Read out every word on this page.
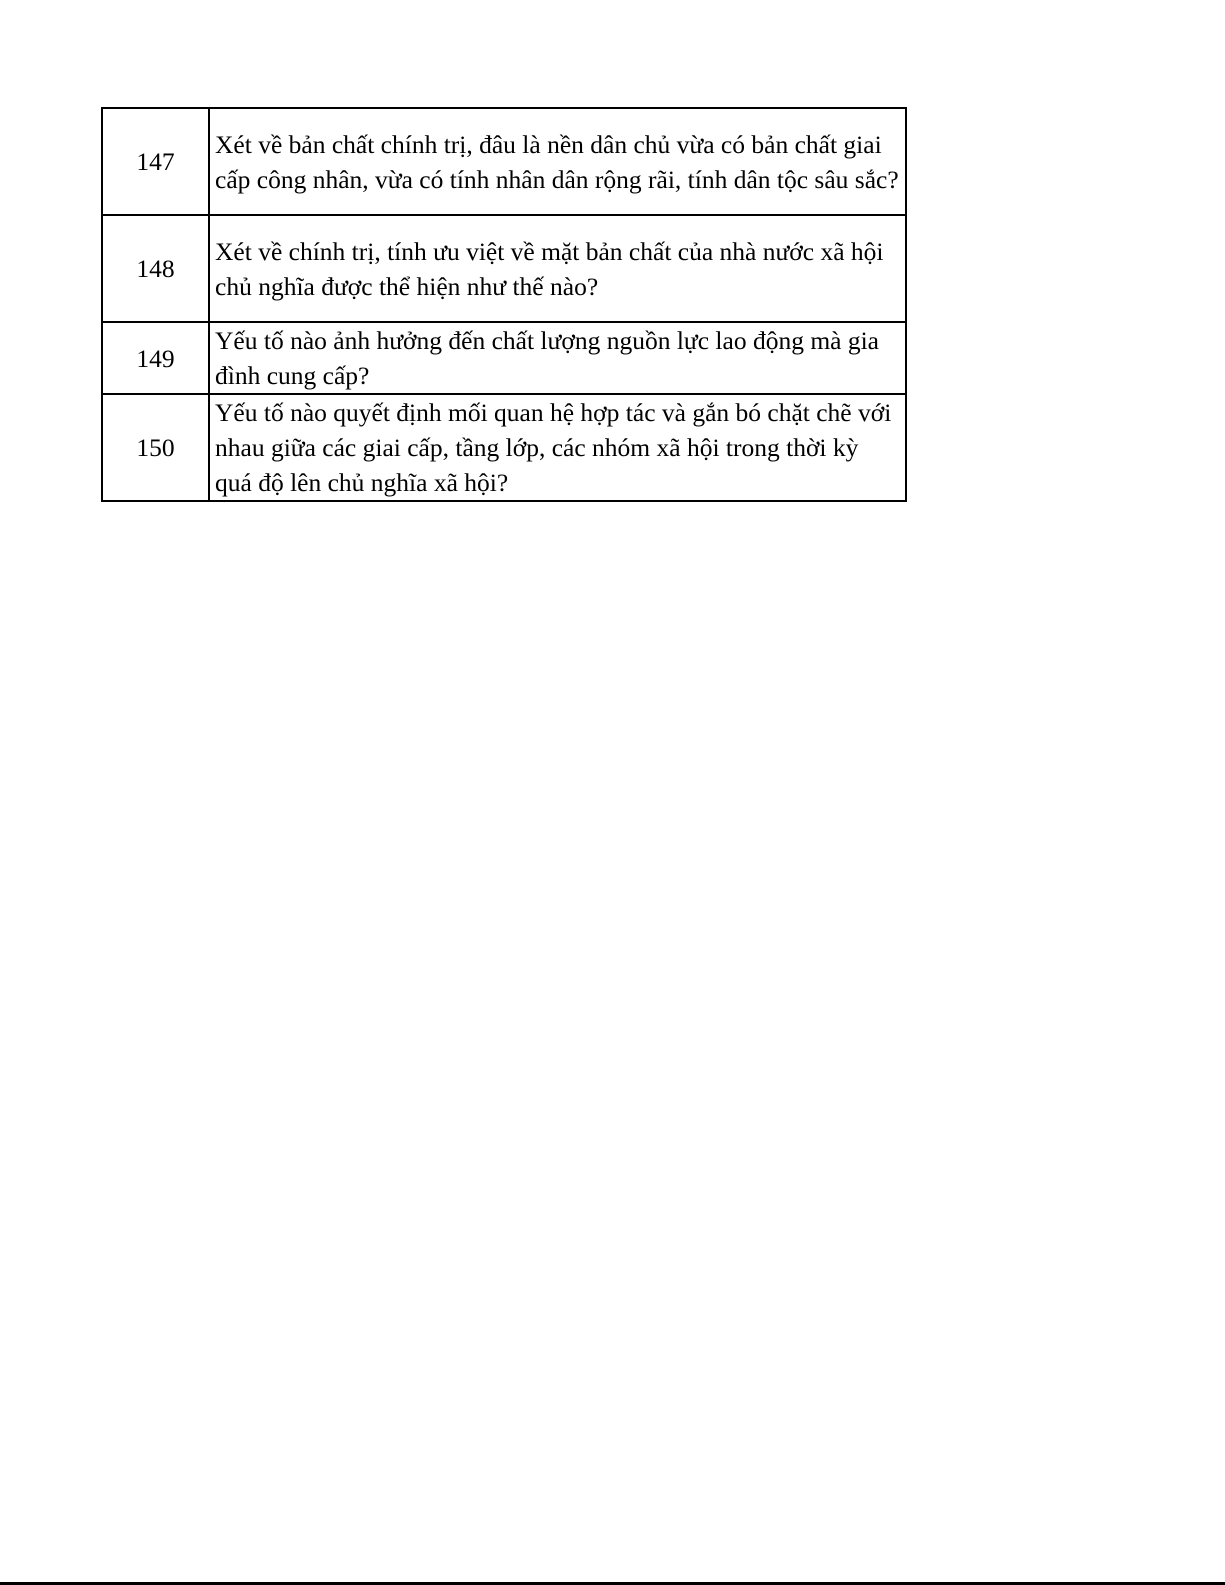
147	Xét về bản chất chính trị, đâu là nền dân chủ vừa có bản chất giai cấp công nhân, vừa có tính nhân dân rộng rãi, tính dân tộc sâu sắc?
148	Xét về chính trị, tính ưu việt về mặt bản chất của nhà nước xã hội chủ nghĩa được thể hiện như thế nào?
149	Yếu tố nào ảnh hưởng đến chất lượng nguồn lực lao động mà gia đình cung cấp?
150	Yếu tố nào quyết định mối quan hệ hợp tác và gắn bó chặt chẽ với nhau giữa các giai cấp, tầng lớp, các nhóm xã hội trong thời kỳ quá độ lên chủ nghĩa xã hội?
